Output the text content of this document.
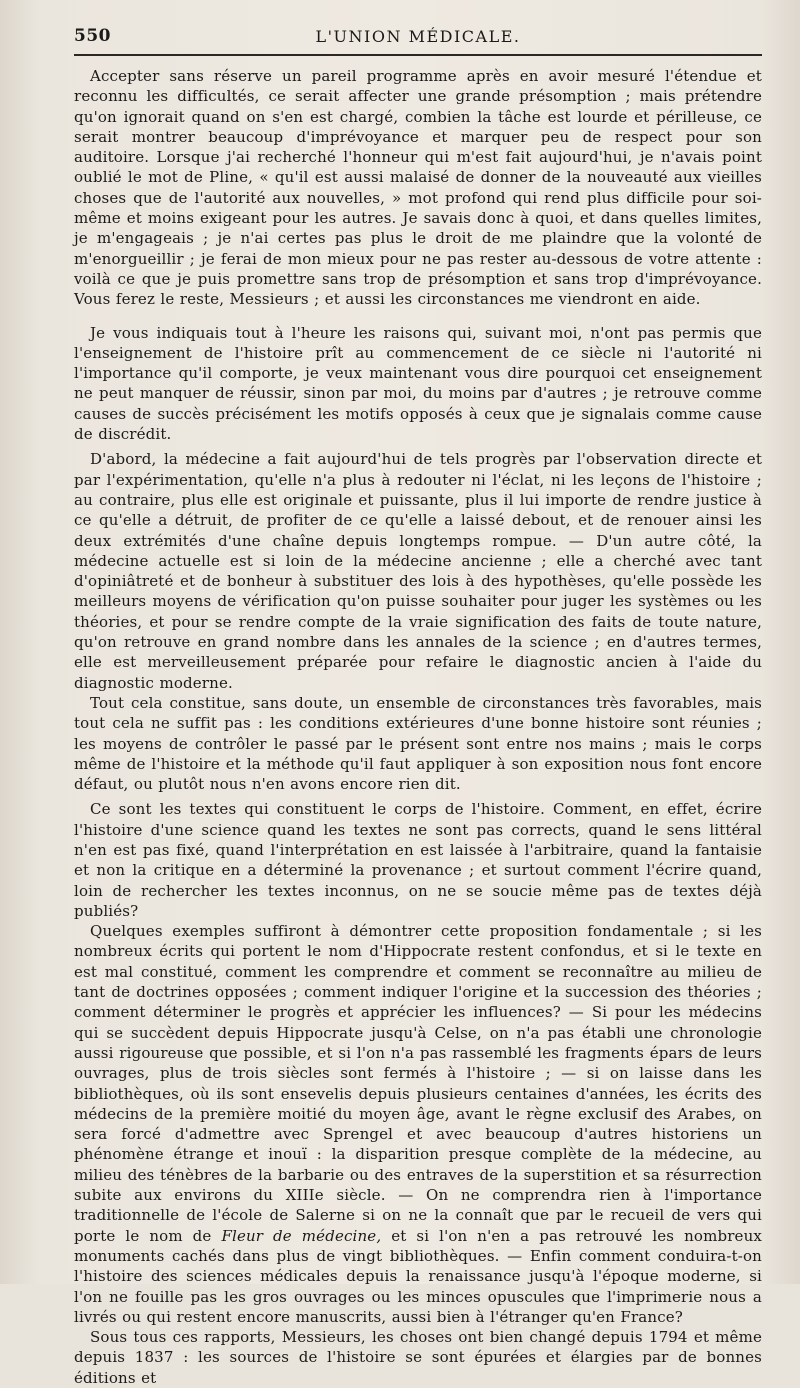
550	L'UNION MÉDICALE.

Accepter sans réserve un pareil programme après en avoir mesuré l'étendue et reconnu les difficultés, ce serait affecter une grande présomption ; mais prétendre qu'on ignorait quand on s'en est chargé, combien la tâche est lourde et périlleuse, ce serait montrer beaucoup d'imprévoyance et marquer peu de respect pour son auditoire. Lorsque j'ai recherché l'honneur qui m'est fait aujourd'hui, je n'avais point oublié le mot de Pline, « qu'il est aussi malaisé de donner de la nouveauté aux vieilles choses que de l'autorité aux nouvelles, » mot profond qui rend plus difficile pour soi-même et moins exigeant pour les autres. Je savais donc à quoi, et dans quelles limites, je m'engageais ; je n'ai certes pas plus le droit de me plaindre que la volonté de m'enorgueillir ; je ferai de mon mieux pour ne pas rester au-dessous de votre attente : voilà ce que je puis promettre sans trop de présomption et sans trop d'imprévoyance. Vous ferez le reste, Messieurs ; et aussi les circonstances me viendront en aide.

Je vous indiquais tout à l'heure les raisons qui, suivant moi, n'ont pas permis que l'enseignement de l'histoire prît au commencement de ce siècle ni l'autorité ni l'importance qu'il comporte, je veux maintenant vous dire pourquoi cet enseignement ne peut manquer de réussir, sinon par moi, du moins par d'autres ; je retrouve comme causes de succès précisément les motifs opposés à ceux que je signalais comme cause de discrédit.

D'abord, la médecine a fait aujourd'hui de tels progrès par l'observation directe et par l'expérimentation, qu'elle n'a plus à redouter ni l'éclat, ni les leçons de l'histoire ; au contraire, plus elle est originale et puissante, plus il lui importe de rendre justice à ce qu'elle a détruit, de profiter de ce qu'elle a laissé debout, et de renouer ainsi les deux extrémités d'une chaîne depuis longtemps rompue. — D'un autre côté, la médecine actuelle est si loin de la médecine ancienne ; elle a cherché avec tant d'opiniâtreté et de bonheur à substituer des lois à des hypothèses, qu'elle possède les meilleurs moyens de vérification qu'on puisse souhaiter pour juger les systèmes ou les théories, et pour se rendre compte de la vraie signification des faits de toute nature, qu'on retrouve en grand nombre dans les annales de la science ; en d'autres termes, elle est merveilleusement préparée pour refaire le diagnostic ancien à l'aide du diagnostic moderne.

Tout cela constitue, sans doute, un ensemble de circonstances très favorables, mais tout cela ne suffit pas : les conditions extérieures d'une bonne histoire sont réunies ; les moyens de contrôler le passé par le présent sont entre nos mains ; mais le corps même de l'histoire et la méthode qu'il faut appliquer à son exposition nous font encore défaut, ou plutôt nous n'en avons encore rien dit.

Ce sont les textes qui constituent le corps de l'histoire. Comment, en effet, écrire l'histoire d'une science quand les textes ne sont pas corrects, quand le sens littéral n'en est pas fixé, quand l'interprétation en est laissée à l'arbitraire, quand la fantaisie et non la critique en a déterminé la provenance ; et surtout comment l'écrire quand, loin de rechercher les textes inconnus, on ne se soucie même pas de textes déjà publiés?

Quelques exemples suffiront à démontrer cette proposition fondamentale ; si les nombreux écrits qui portent le nom d'Hippocrate restent confondus, et si le texte en est mal constitué, comment les comprendre et comment se reconnaître au milieu de tant de doctrines opposées ; comment indiquer l'origine et la succession des théories ; comment déterminer le progrès et apprécier les influences? — Si pour les médecins qui se succèdent depuis Hippocrate jusqu'à Celse, on n'a pas établi une chronologie aussi rigoureuse que possible, et si l'on n'a pas rassemblé les fragments épars de leurs ouvrages, plus de trois siècles sont fermés à l'histoire ; — si on laisse dans les bibliothèques, où ils sont ensevelis depuis plusieurs centaines d'années, les écrits des médecins de la première moitié du moyen âge, avant le règne exclusif des Arabes, on sera forcé d'admettre avec Sprengel et avec beaucoup d'autres historiens un phénomène étrange et inouï : la disparition presque complète de la médecine, au milieu des ténèbres de la barbarie ou des entraves de la superstition et sa résurrection subite aux environs du XIIIe siècle. — On ne comprendra rien à l'importance traditionnelle de l'école de Salerne si on ne la connaît que par le recueil de vers qui porte le nom de Fleur de médecine, et si l'on n'en a pas retrouvé les nombreux monuments cachés dans plus de vingt bibliothèques. — Enfin comment conduira-t-on l'histoire des sciences médicales depuis la renaissance jusqu'à l'époque moderne, si l'on ne fouille pas les gros ouvrages ou les minces opuscules que l'imprimerie nous a livrés ou qui restent encore manuscrits, aussi bien à l'étranger qu'en France?

Sous tous ces rapports, Messieurs, les choses ont bien changé depuis 1794 et même depuis 1837 : les sources de l'histoire se sont épurées et élargies par de bonnes éditions et
